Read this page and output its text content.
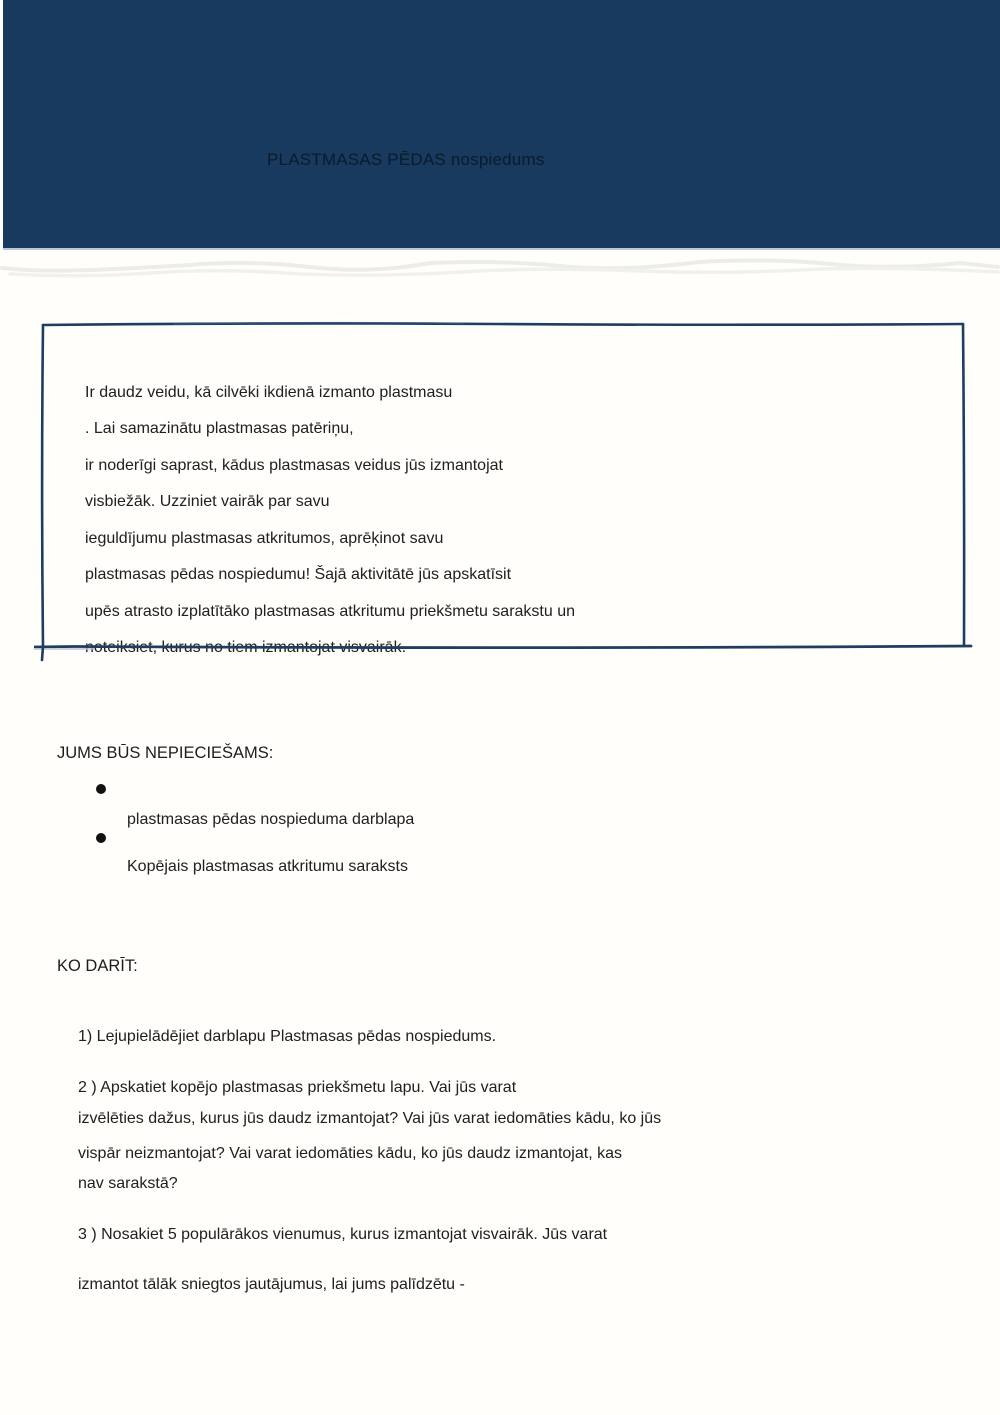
PLASTMASAS PĒDAS nospiedums
Ir daudz veidu, kā cilvēki ikdienā izmanto plastmasu
. Lai samazinātu plastmasas patēriņu,
ir noderīgi saprast, kādus plastmasas veidus jūs izmantojat
visbiežāk. Uzziniet vairāk par savu
ieguldījumu plastmasas atkritumos, aprēķinot savu
plastmasas pēdas nospiedumu! Šajā aktivitātē jūs apskatīsit
upēs atrasto izplatītāko plastmasas atkritumu priekšmetu sarakstu un
noteiksiet, kurus no tiem izmantojat visvairāk.
JUMS BŪS NEPIECIEŠAMS:
plastmasas pēdas nospieduma darblapa
Kopējais plastmasas atkritumu saraksts
KO DARĪT:
1) Lejupielādējiet darblapu Plastmasas pēdas nospiedums.
2 ) Apskatiet kopējo plastmasas priekšmetu lapu. Vai jūs varat
izvēlēties dažus, kurus jūs daudz izmantojat? Vai jūs varat iedomāties kādu, ko jūs
vispār neizmantojat? Vai varat iedomāties kādu, ko jūs daudz izmantojat, kas
nav sarakstā?
3 ) Nosakiet 5 populārākos vienumus, kurus izmantojat visvairāk. Jūs varat
izmantot tālāk sniegtos jautājumus, lai jums palīdzētu -
